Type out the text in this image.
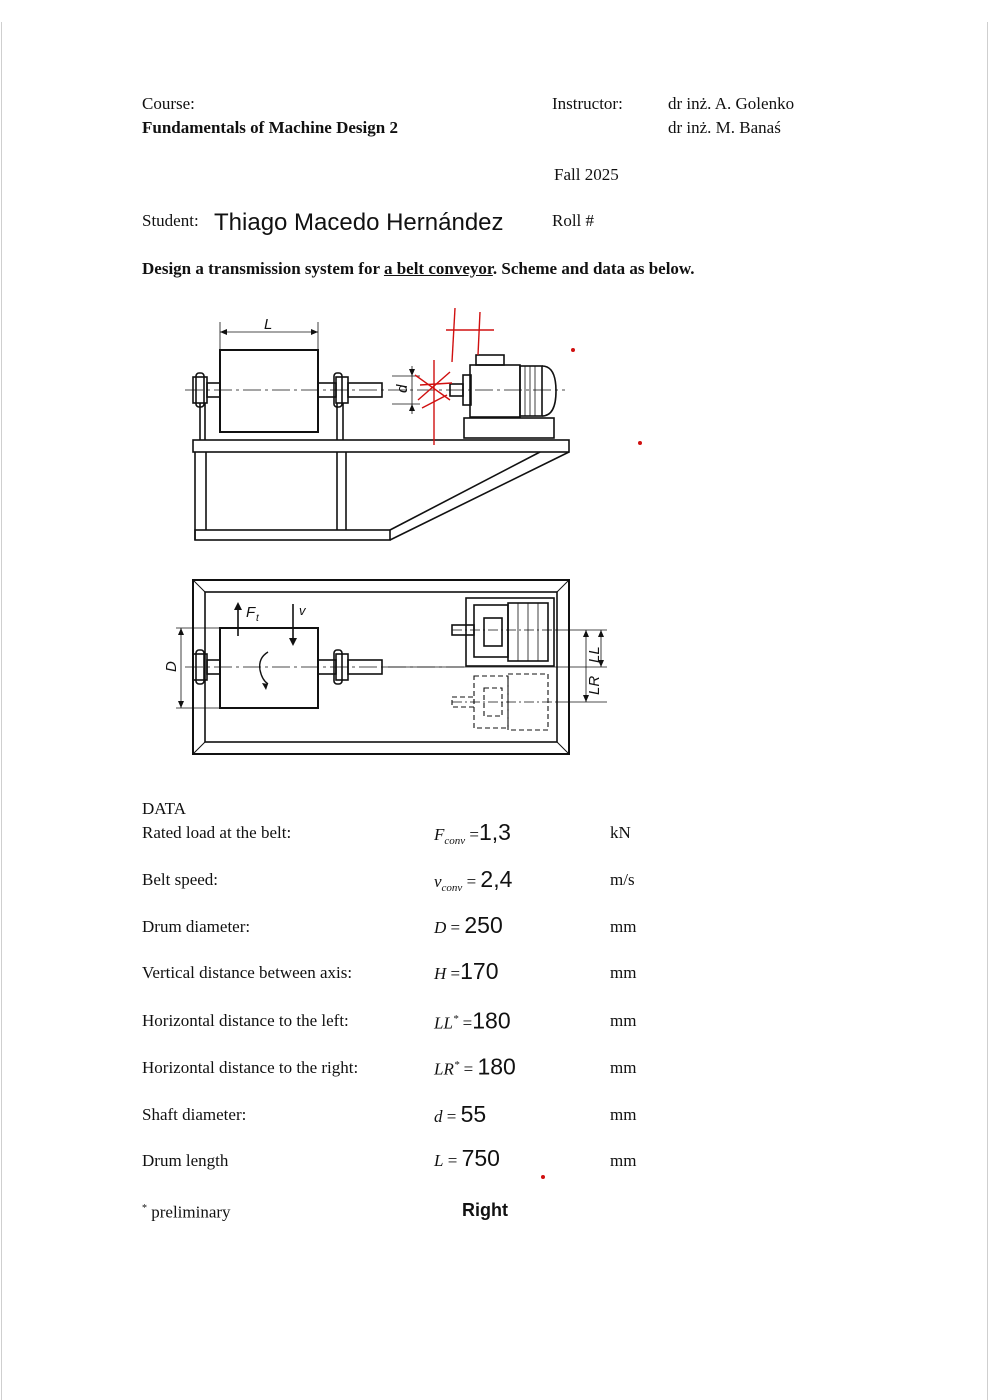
Course:
Fundamentals of Machine Design 2
Instructor:	dr inż. A. Golenko
dr inż. M. Banaś
Fall 2025
Student: Thiago Macedo Hernández	Roll #
Design a transmission system for a belt conveyor. Scheme and data as below.
L
d
D
F t
v
LL
LR
DATA
Rated load at the belt:	$F_{conv} =1,3$	kN
Belt speed:	$v_{conv} = 2,4$	m/s
Drum diameter:	D = 250	mm
Vertical distance between axis:	H =170	mm
Horizontal distance to the left:	LL* =180	mm
Horizontal distance to the right:	LR* = 180	mm
Shaft diameter:	d = 55	mm
Drum length	L = 750	mm
* preliminary	Right
